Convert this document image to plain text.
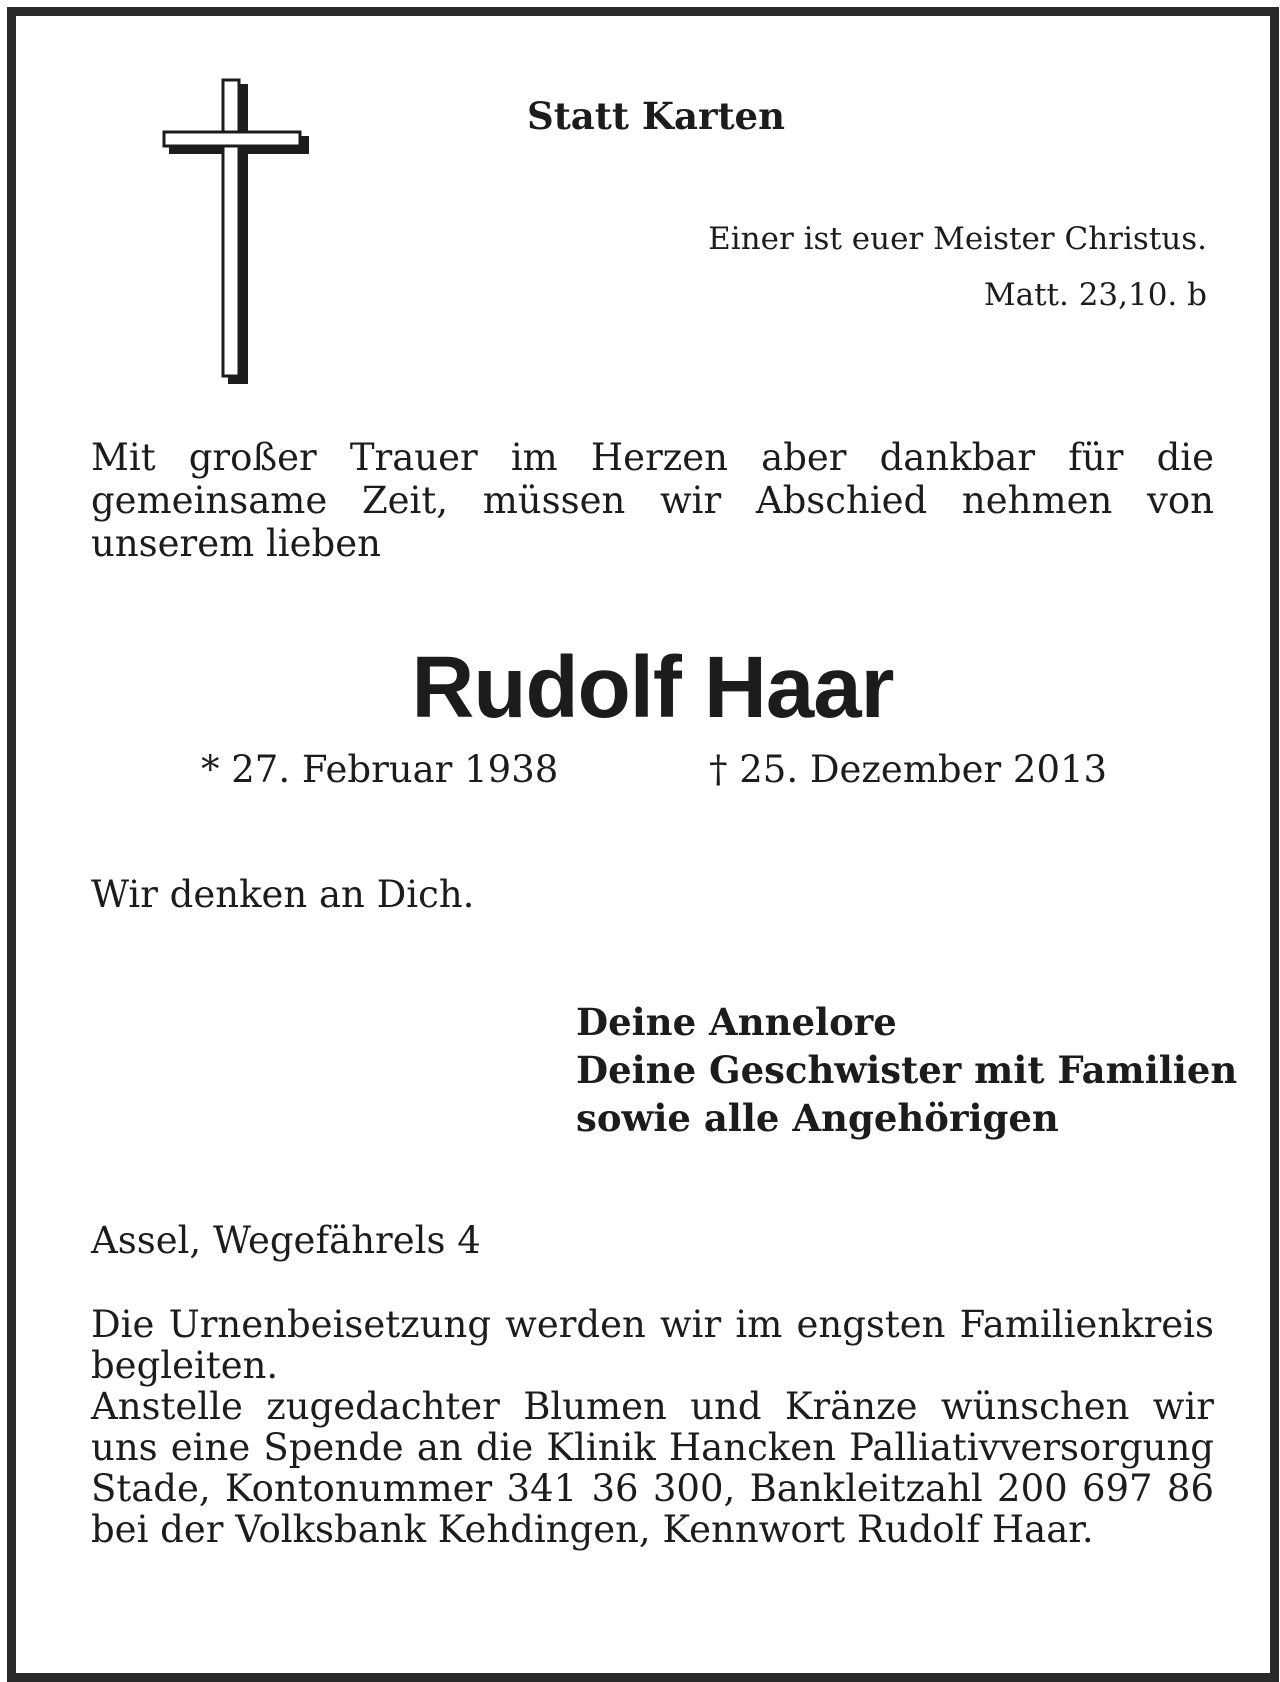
Statt Karten
Einer ist euer Meister Christus.
Matt. 23,10. b

Mit großer Trauer im Herzen aber dankbar für die gemeinsame Zeit, müssen wir Abschied nehmen von unserem lieben

Rudolf Haar
* 27. Februar 1938	† 25. Dezember 2013
Wir denken an Dich.
Deine Annelore
Deine Geschwister mit Familien
sowie alle Angehörigen
Assel, Wegefährels 4

Die Urnenbeisetzung werden wir im engsten Familienkreis begleiten.

Anstelle zugedachter Blumen und Kränze wünschen wir uns eine Spende an die Klinik Hancken Palliativversorgung Stade, Kontonummer 341 36 300, Bankleitzahl 200 697 86 bei der Volksbank Kehdingen, Kennwort Rudolf Haar.
